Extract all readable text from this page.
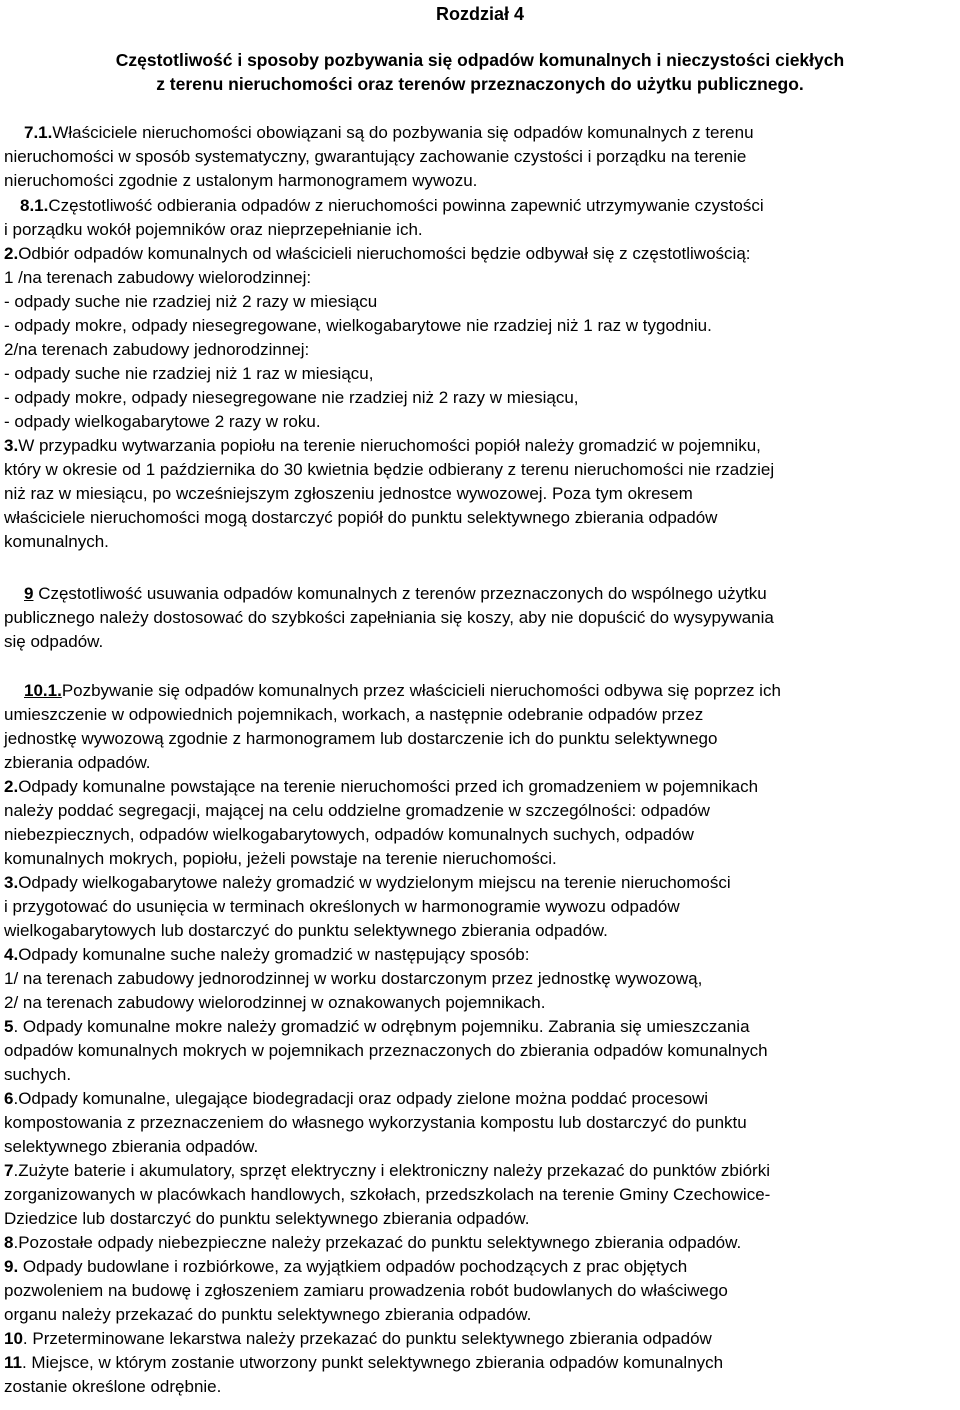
Rozdział 4
Częstotliwość i sposoby pozbywania się odpadów komunalnych i nieczystości ciekłych
z terenu nieruchomości oraz terenów przeznaczonych do użytku publicznego.

7.1.Właściciele nieruchomości obowiązani są do pozbywania się odpadów komunalnych z terenu

nieruchomości w sposób systematyczny, gwarantujący zachowanie czystości i porządku na terenie

nieruchomości zgodnie z ustalonym harmonogramem wywozu.

8.1.Częstotliwość odbierania odpadów z nieruchomości powinna zapewnić utrzymywanie czystości

i porządku wokół pojemników oraz nieprzepełnianie ich.

2.Odbiór odpadów komunalnych od właścicieli nieruchomości będzie odbywał się z częstotliwością:

1 /na terenach zabudowy wielorodzinnej:

- odpady suche nie rzadziej niż 2 razy w miesiącu

- odpady mokre, odpady niesegregowane, wielkogabarytowe nie rzadziej niż 1 raz w tygodniu.

2/na terenach zabudowy jednorodzinnej:

- odpady suche nie rzadziej niż 1 raz w miesiącu,

- odpady mokre, odpady niesegregowane nie rzadziej niż 2 razy w miesiącu,

- odpady wielkogabarytowe 2 razy w roku.

3.W przypadku wytwarzania popiołu na terenie nieruchomości popiół należy gromadzić w pojemniku,

który w okresie od 1 października do 30 kwietnia będzie odbierany z terenu nieruchomości nie rzadziej

niż raz w miesiącu, po wcześniejszym zgłoszeniu jednostce wywozowej. Poza tym okresem

właściciele nieruchomości mogą dostarczyć popiół do punktu selektywnego zbierania odpadów

komunalnych.

9 Częstotliwość usuwania odpadów komunalnych z terenów przeznaczonych do wspólnego użytku

publicznego należy dostosować do szybkości zapełniania się koszy, aby nie dopuścić do wysypywania

się odpadów.

10.1.Pozbywanie się odpadów komunalnych przez właścicieli nieruchomości odbywa się poprzez ich

umieszczenie w odpowiednich pojemnikach, workach, a następnie odebranie odpadów przez

jednostkę wywozową zgodnie z harmonogramem lub dostarczenie ich do punktu selektywnego

zbierania odpadów.

2.Odpady komunalne powstające na terenie nieruchomości przed ich gromadzeniem w pojemnikach

należy poddać segregacji, mającej na celu oddzielne gromadzenie w szczególności: odpadów

niebezpiecznych, odpadów wielkogabarytowych, odpadów komunalnych suchych, odpadów

komunalnych mokrych, popiołu, jeżeli powstaje na terenie nieruchomości.

3.Odpady wielkogabarytowe należy gromadzić w wydzielonym miejscu na terenie nieruchomości

i przygotować do usunięcia w terminach określonych w harmonogramie wywozu odpadów

wielkogabarytowych lub dostarczyć do punktu selektywnego zbierania odpadów.

4.Odpady komunalne suche należy gromadzić w następujący sposób:

1/ na terenach zabudowy jednorodzinnej w worku dostarczonym przez jednostkę wywozową,

2/ na terenach zabudowy wielorodzinnej w oznakowanych pojemnikach.

5. Odpady komunalne mokre należy gromadzić w odrębnym pojemniku. Zabrania się umieszczania

odpadów komunalnych mokrych w pojemnikach przeznaczonych do zbierania odpadów komunalnych

suchych.

6.Odpady komunalne, ulegające biodegradacji oraz odpady zielone można poddać procesowi

kompostowania z przeznaczeniem do własnego wykorzystania kompostu lub dostarczyć do punktu

selektywnego zbierania odpadów.

7.Zużyte baterie i akumulatory, sprzęt elektryczny i elektroniczny należy przekazać do punktów zbiórki

zorganizowanych w placówkach handlowych, szkołach, przedszkolach na terenie Gminy Czechowice-

Dziedzice lub dostarczyć do punktu selektywnego zbierania odpadów.

8.Pozostałe odpady niebezpieczne należy przekazać do punktu selektywnego zbierania odpadów.

9. Odpady budowlane i rozbiórkowe, za wyjątkiem odpadów pochodzących z prac objętych

pozwoleniem na budowę i zgłoszeniem zamiaru prowadzenia robót budowlanych do właściwego

organu należy przekazać do punktu selektywnego zbierania odpadów.

10. Przeterminowane lekarstwa należy przekazać do punktu selektywnego zbierania odpadów

11. Miejsce, w którym zostanie utworzony punkt selektywnego zbierania odpadów komunalnych

zostanie określone odrębnie.
